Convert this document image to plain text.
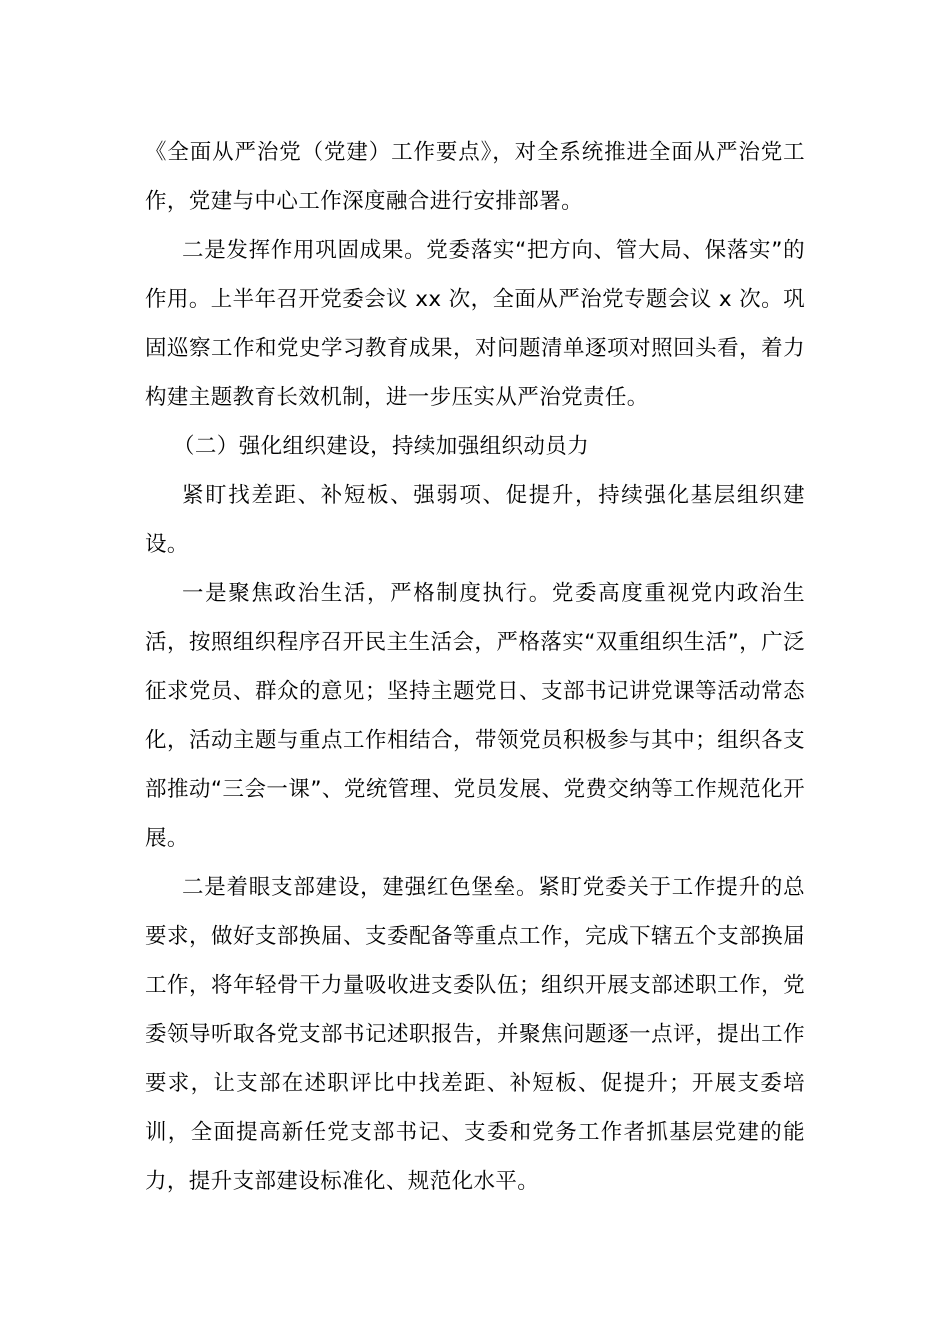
《全面从严治党（党建）工作要点》，对全系统推进全面从严治党工作，党建与中心工作深度融合进行安排部署。

二是发挥作用巩固成果。党委落实“把方向、管大局、保落实”的作用。上半年召开党委会议 xx 次，全面从严治党专题会议 x 次。巩固巡察工作和党史学习教育成果，对问题清单逐项对照回头看，着力构建主题教育长效机制，进一步压实从严治党责任。

（二）强化组织建设，持续加强组织动员力

紧盯找差距、补短板、强弱项、促提升，持续强化基层组织建设。

一是聚焦政治生活，严格制度执行。党委高度重视党内政治生活，按照组织程序召开民主生活会，严格落实“双重组织生活”，广泛征求党员、群众的意见；坚持主题党日、支部书记讲党课等活动常态化，活动主题与重点工作相结合，带领党员积极参与其中；组织各支部推动“三会一课”、党统管理、党员发展、党费交纳等工作规范化开展。

二是着眼支部建设，建强红色堡垒。紧盯党委关于工作提升的总要求，做好支部换届、支委配备等重点工作，完成下辖五个支部换届工作，将年轻骨干力量吸收进支委队伍；组织开展支部述职工作，党委领导听取各党支部书记述职报告，并聚焦问题逐一点评，提出工作要求，让支部在述职评比中找差距、补短板、促提升；开展支委培训，全面提高新任党支部书记、支委和党务工作者抓基层党建的能力，提升支部建设标准化、规范化水平。
